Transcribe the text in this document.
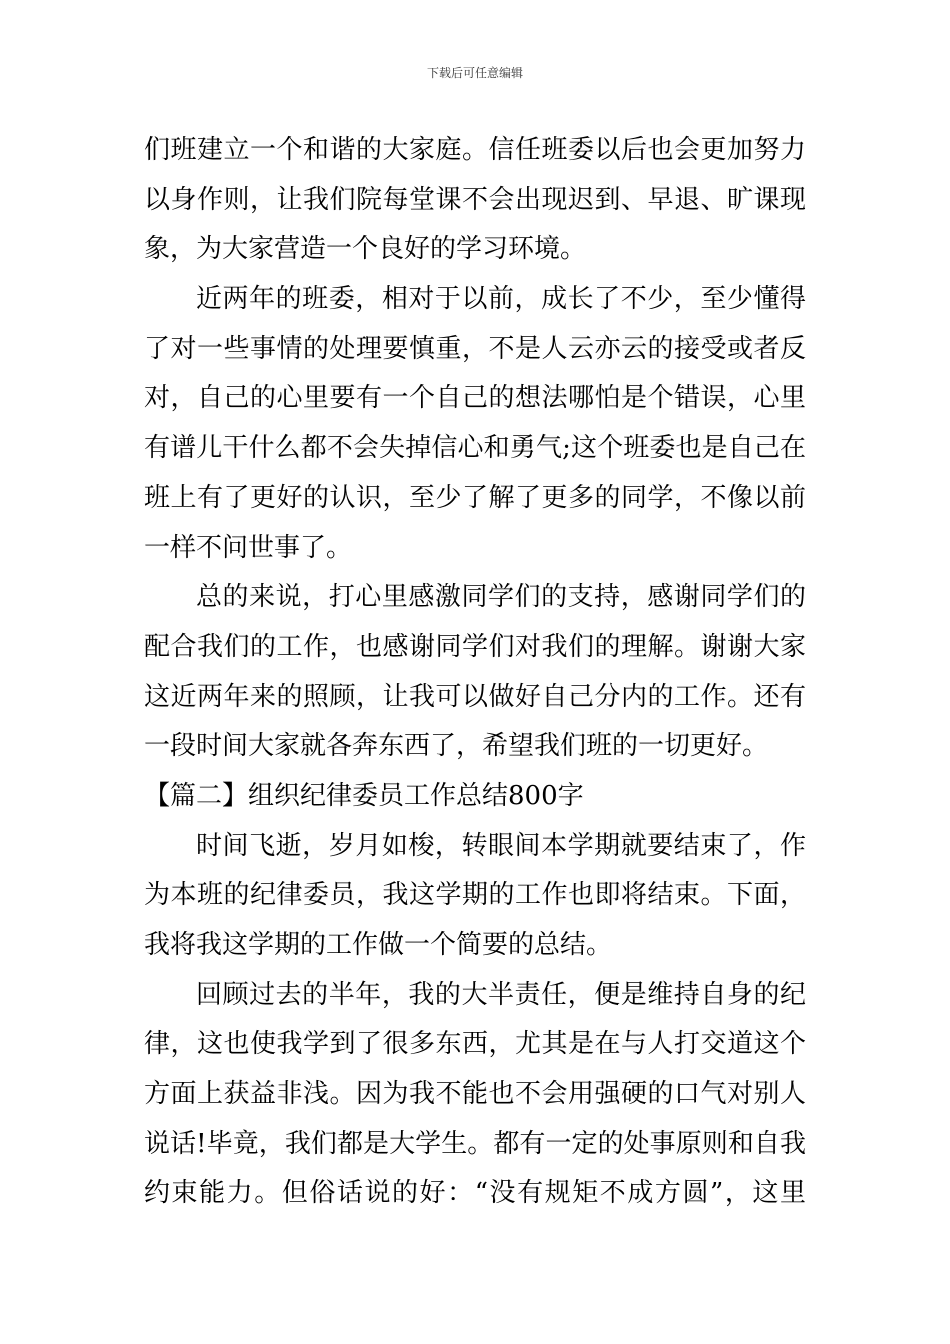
下载后可任意编辑
们班建立一个和谐的大家庭。信任班委以后也会更加努力
以身作则，让我们院每堂课不会出现迟到、早退、旷课现
象，为大家营造一个良好的学习环境。
近两年的班委，相对于以前，成长了不少，至少懂得
了对一些事情的处理要慎重，不是人云亦云的接受或者反
对，自己的心里要有一个自己的想法哪怕是个错误，心里
有谱儿干什么都不会失掉信心和勇气;这个班委也是自己在
班上有了更好的认识，至少了解了更多的同学，不像以前
一样不问世事了。
总的来说，打心里感激同学们的支持，感谢同学们的
配合我们的工作，也感谢同学们对我们的理解。谢谢大家
这近两年来的照顾，让我可以做好自己分内的工作。还有
一段时间大家就各奔东西了，希望我们班的一切更好。
【篇二】组织纪律委员工作总结800字
时间飞逝，岁月如梭，转眼间本学期就要结束了，作
为本班的纪律委员，我这学期的工作也即将结束。下面，
我将我这学期的工作做一个简要的总结。
回顾过去的半年，我的大半责任，便是维持自身的纪
律，这也使我学到了很多东西，尤其是在与人打交道这个
方面上获益非浅。因为我不能也不会用强硬的口气对别人
说话!毕竟，我们都是大学生。都有一定的处事原则和自我
约束能力。但俗话说的好：“没有规矩不成方圆”，这里
